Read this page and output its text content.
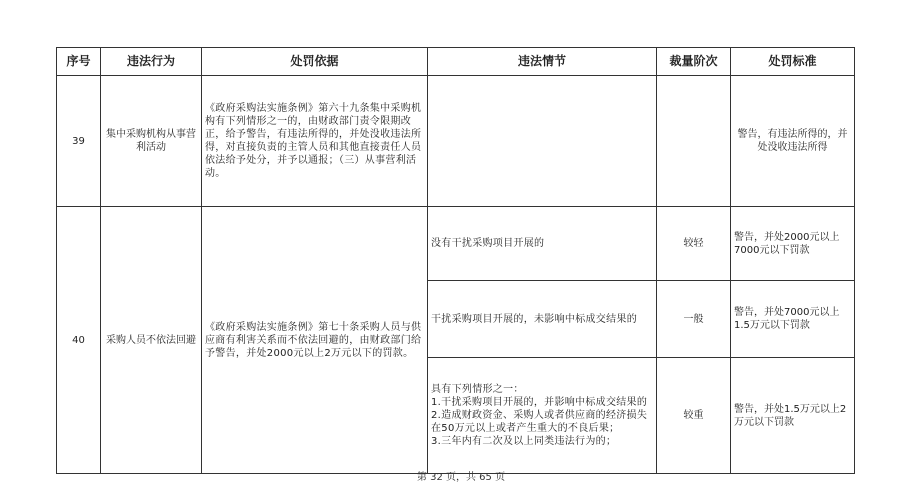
序号	违法行为	处罚依据	违法情节	裁量阶次	处罚标准
39	集中采购机构从事营利活动	《政府采购法实施条例》第六十九条集中采购机构有下列情形之一的，由财政部门责令限期改正，给予警告，有违法所得的，并处没收违法所得，对直接负责的主管人员和其他直接责任人员依法给予处分，并予以通报；（三）从事营利活动。			警告，有违法所得的，并处没收违法所得
40	采购人员不依法回避	《政府采购法实施条例》第七十条采购人员与供应商有利害关系而不依法回避的，由财政部门给予警告，并处2000元以上2万元以下的罚款。	没有干扰采购项目开展的	较轻	警告，并处2000元以上7000元以下罚款
			干扰采购项目开展的，未影响中标成交结果的	一般	警告，并处7000元以上1.5万元以下罚款
			具有下列情形之一：
1.干扰采购项目开展的，并影响中标成交结果的
2.造成财政资金、采购人或者供应商的经济损失在50万元以上或者产生重大的不良后果；
3.三年内有二次及以上同类违法行为的；	较重	警告，并处1.5万元以上2万元以下罚款
第 32 页，共 65 页
